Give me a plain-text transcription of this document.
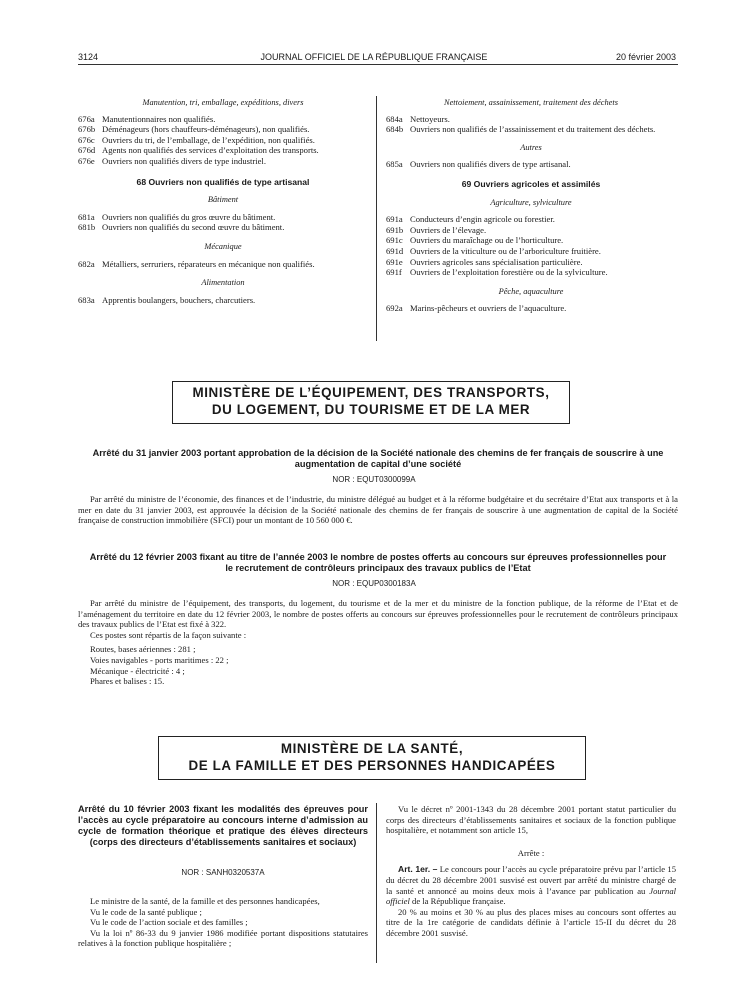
3124	JOURNAL OFFICIEL DE LA RÉPUBLIQUE FRANÇAISE	20 février 2003
Manutention, tri, emballage, expéditions, divers
676a Manutentionnaires non qualifiés.
676b Déménageurs (hors chauffeurs-déménageurs), non qualifiés.
676c Ouvriers du tri, de l’emballage, de l’expédition, non qualifiés.
676d Agents non qualifiés des services d’exploitation des transports.
676e Ouvriers non qualifiés divers de type industriel.
68 Ouvriers non qualifiés de type artisanal
Bâtiment
681a Ouvriers non qualifiés du gros œuvre du bâtiment.
681b Ouvriers non qualifiés du second œuvre du bâtiment.
Mécanique
682a Métalliers, serruriers, réparateurs en mécanique non qualifiés.
Alimentation
683a Apprentis boulangers, bouchers, charcutiers.
Nettoiement, assainissement, traitement des déchets
684a Nettoyeurs.
684b Ouvriers non qualifiés de l’assainissement et du traitement des déchets.
Autres
685a Ouvriers non qualifiés divers de type artisanal.
69 Ouvriers agricoles et assimilés
Agriculture, sylviculture
691a Conducteurs d’engin agricole ou forestier.
691b Ouvriers de l’élevage.
691c Ouvriers du maraîchage ou de l’horticulture.
691d Ouvriers de la viticulture ou de l’arboriculture fruitière.
691e Ouvriers agricoles sans spécialisation particulière.
691f Ouvriers de l’exploitation forestière ou de la sylviculture.
Pêche, aquaculture
692a Marins-pêcheurs et ouvriers de l’aquaculture.
MINISTÈRE DE L’ÉQUIPEMENT, DES TRANSPORTS,
DU LOGEMENT, DU TOURISME ET DE LA MER
Arrêté du 31 janvier 2003 portant approbation de la décision de la Société nationale des chemins de fer français de souscrire à une augmentation de capital d’une société
NOR : EQUT0300099A

Par arrêté du ministre de l’économie, des finances et de l’industrie, du ministre délégué au budget et à la réforme budgétaire et du secrétaire d’Etat aux transports et à la mer en date du 31 janvier 2003, est approuvée la décision de la Société nationale des chemins de fer français de souscrire à une augmentation de capital de la Société française de construction immobilière (SFCI) pour un montant de 10 560 000 €.

Arrêté du 12 février 2003 fixant au titre de l’année 2003 le nombre de postes offerts au concours sur épreuves professionnelles pour le recrutement de contrôleurs principaux des travaux publics de l’Etat
NOR : EQUP0300183A

Par arrêté du ministre de l’équipement, des transports, du logement, du tourisme et de la mer et du ministre de la fonction publique, de la réforme de l’Etat et de l’aménagement du territoire en date du 12 février 2003, le nombre de postes offerts au concours sur épreuves professionnelles pour le recrutement de contrôleurs principaux des travaux publics de l’Etat est fixé à 322.

Ces postes sont répartis de la façon suivante :

Routes, bases aériennes : 281 ;
Voies navigables - ports maritimes : 22 ;
Mécanique - électricité : 4 ;
Phares et balises : 15.
MINISTÈRE DE LA SANTÉ,
DE LA FAMILLE ET DES PERSONNES HANDICAPÉES
Arrêté du 10 février 2003 fixant les modalités des épreuves pour l’accès au cycle préparatoire au concours interne d’admission au cycle de formation théorique et pratique des élèves directeurs (corps des directeurs d’établissements sanitaires et sociaux)
NOR : SANH0320537A

Le ministre de la santé, de la famille et des personnes handicapées,

Vu le code de la santé publique ;

Vu le code de l’action sociale et des familles ;

Vu la loi nº 86-33 du 9 janvier 1986 modifiée portant dispositions statutaires relatives à la fonction publique hospitalière ;

Vu le décret nº 2001-1343 du 28 décembre 2001 portant statut particulier du corps des directeurs d’établissements sanitaires et sociaux de la fonction publique hospitalière, et notamment son article 15,

Arrête :

Art. 1er. – Le concours pour l’accès au cycle préparatoire prévu par l’article 15 du décret du 28 décembre 2001 susvisé est ouvert par arrêté du ministre chargé de la santé et annoncé au moins deux mois à l’avance par publication au Journal officiel de la République française.

20 % au moins et 30 % au plus des places mises au concours sont offertes au titre de la 1re catégorie de candidats définie à l’article 15-II du décret du 28 décembre 2001 susvisé.
